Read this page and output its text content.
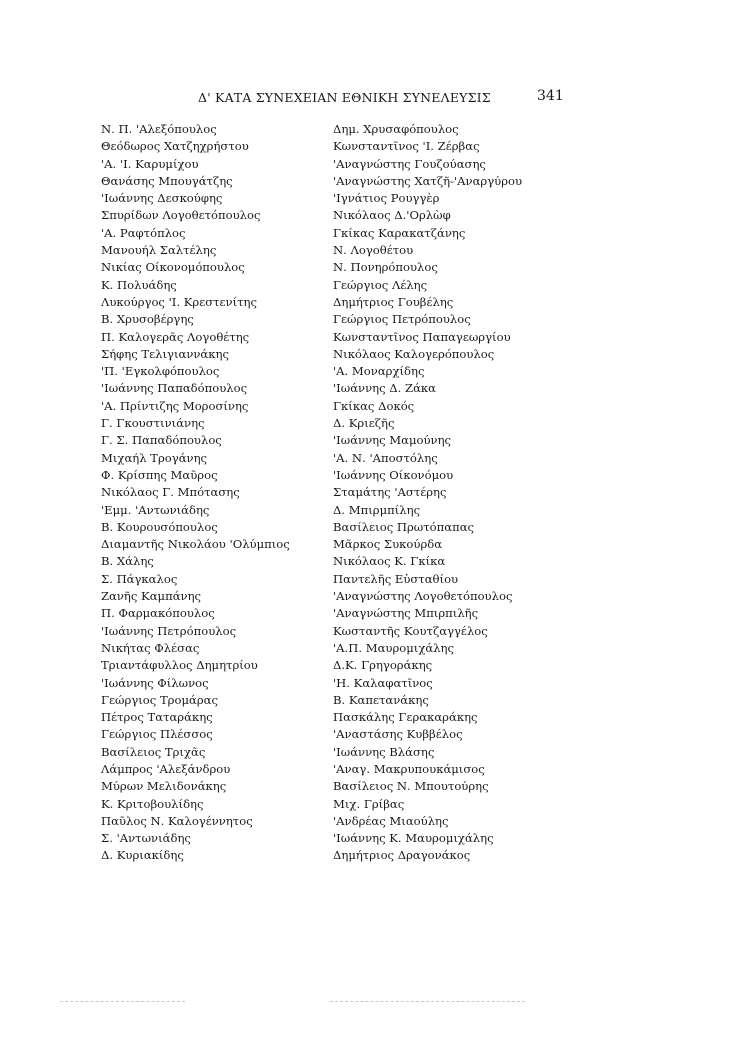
Δ' ΚΑΤΑ ΣΥΝΕΧΕΙΑΝ ΕΘΝΙΚΗ ΣΥΝΕΛΕΥΣΙΣ	341
Ν. Π. 'Αλεξόπουλος
Θεόδωρος Χατζηχρήστου
'Α. 'Ι. Καρυμίχου
Θανάσης Μπουγάτζης
'Ιωάννης Δεσκούφης
Σπυρίδων Λογοθετόπουλος
'Α. Ραφτόπλος
Μανουήλ Σαλτέλης
Νικίας Οίκονομόπουλος
Κ. Πολυάδης
Λυκούργος 'Ι. Κρεστενίτης
Β. Χρυσοβέργης
Π. Καλογερᾶς Λογοθέτης
Σήφης Τελιγιαννάκης
'Π. 'Εγκολφόπουλος
'Ιωάννης Παπαδόπουλος
'Α. Πρίντιζης Μοροσίνης
Γ. Γκουστινιάνης
Γ. Σ. Παπαδόπουλος
Μιχαήλ Τρογάνης
Φ. Κρίσπης Μαῦρος
Νικόλαος Γ. Μπότασης
'Εμμ. 'Αντωνιάδης
Β. Κουρουσόπουλος
Διαμαντῆς Νικολάου 'Ολύμπιος
Β. Χάλης
Σ. Πάγκαλος
Ζανῆς Καμπάνης
Π. Φαρμακόπουλος
'Ιωάννης Πετρόπουλος
Νικήτας Φλέσας
Τριαντάφυλλος Δημητρίου
'Ιωάννης Φίλωνος
Γεώργιος Τρομάρας
Πέτρος Ταταράκης
Γεώργιος Πλέσσος
Βασίλειος Τριχᾶς
Λάμπρος 'Αλεξάνδρου
Μύρων Μελιδονάκης
Κ. Κριτοβουλίδης
Παῦλος Ν. Καλογέννητος
Σ. 'Αντωνιάδης
Δ. Κυριακίδης
Δημ. Χρυσαφόπουλος
Κωνσταντῖνος 'Ι. Ζέρβας
'Αναγνώστης Γουζούασης
'Αναγνώστης Χατζῆ-'Αναργύρου
'Ιγνάτιος Ρουγγὲρ
Νικόλαος Δ.'Ορλὼφ
Γκίκας Καρακατζάνης
Ν. Λογοθέτου
Ν. Πονηρόπουλος
Γεώργιος Λέλης
Δημήτριος Γουβέλης
Γεώργιος Πετρόπουλος
Κωνσταντῖνος Παπαγεωργίου
Νικόλαος Καλογερόπουλος
'Α. Μοναρχίδης
'Ιωάννης Δ. Ζάκα
Γκίκας Δοκός
Δ. Κριεζῆς
'Ιωάννης Μαμούνης
'Α. Ν. 'Αποστόλης
'Ιωάννης Οίκονόμου
Σταμάτης 'Αστέρης
Δ. Μπιρμπίλης
Βασίλειος Πρωτόπαπας
Μᾶρκος Συκούρδα
Νικόλαος Κ. Γκίκα
Παντελῆς Εὐσταθίου
'Αναγνώστης Λογοθετόπουλος
'Αναγνώστης Μπιρπιλῆς
Κωσταντῆς Κουτζαγγέλος
'Α.Π. Μαυρομιχάλης
Δ.Κ. Γρηγοράκης
'Η. Καλαφατῖνος
Β. Καπετανάκης
Πασκάλης Γερακαράκης
'Αναστάσης Κυββέλος
'Ιωάννης Βλάσης
'Αναγ. Μακρυπουκάμισος
Βασίλειος Ν. Μπουτούρης
Μιχ. Γρίβας
'Ανδρέας Μιαούλης
'Ιωάννης Κ. Μαυρομιχάλης
Δημήτριος Δραγονάκος
